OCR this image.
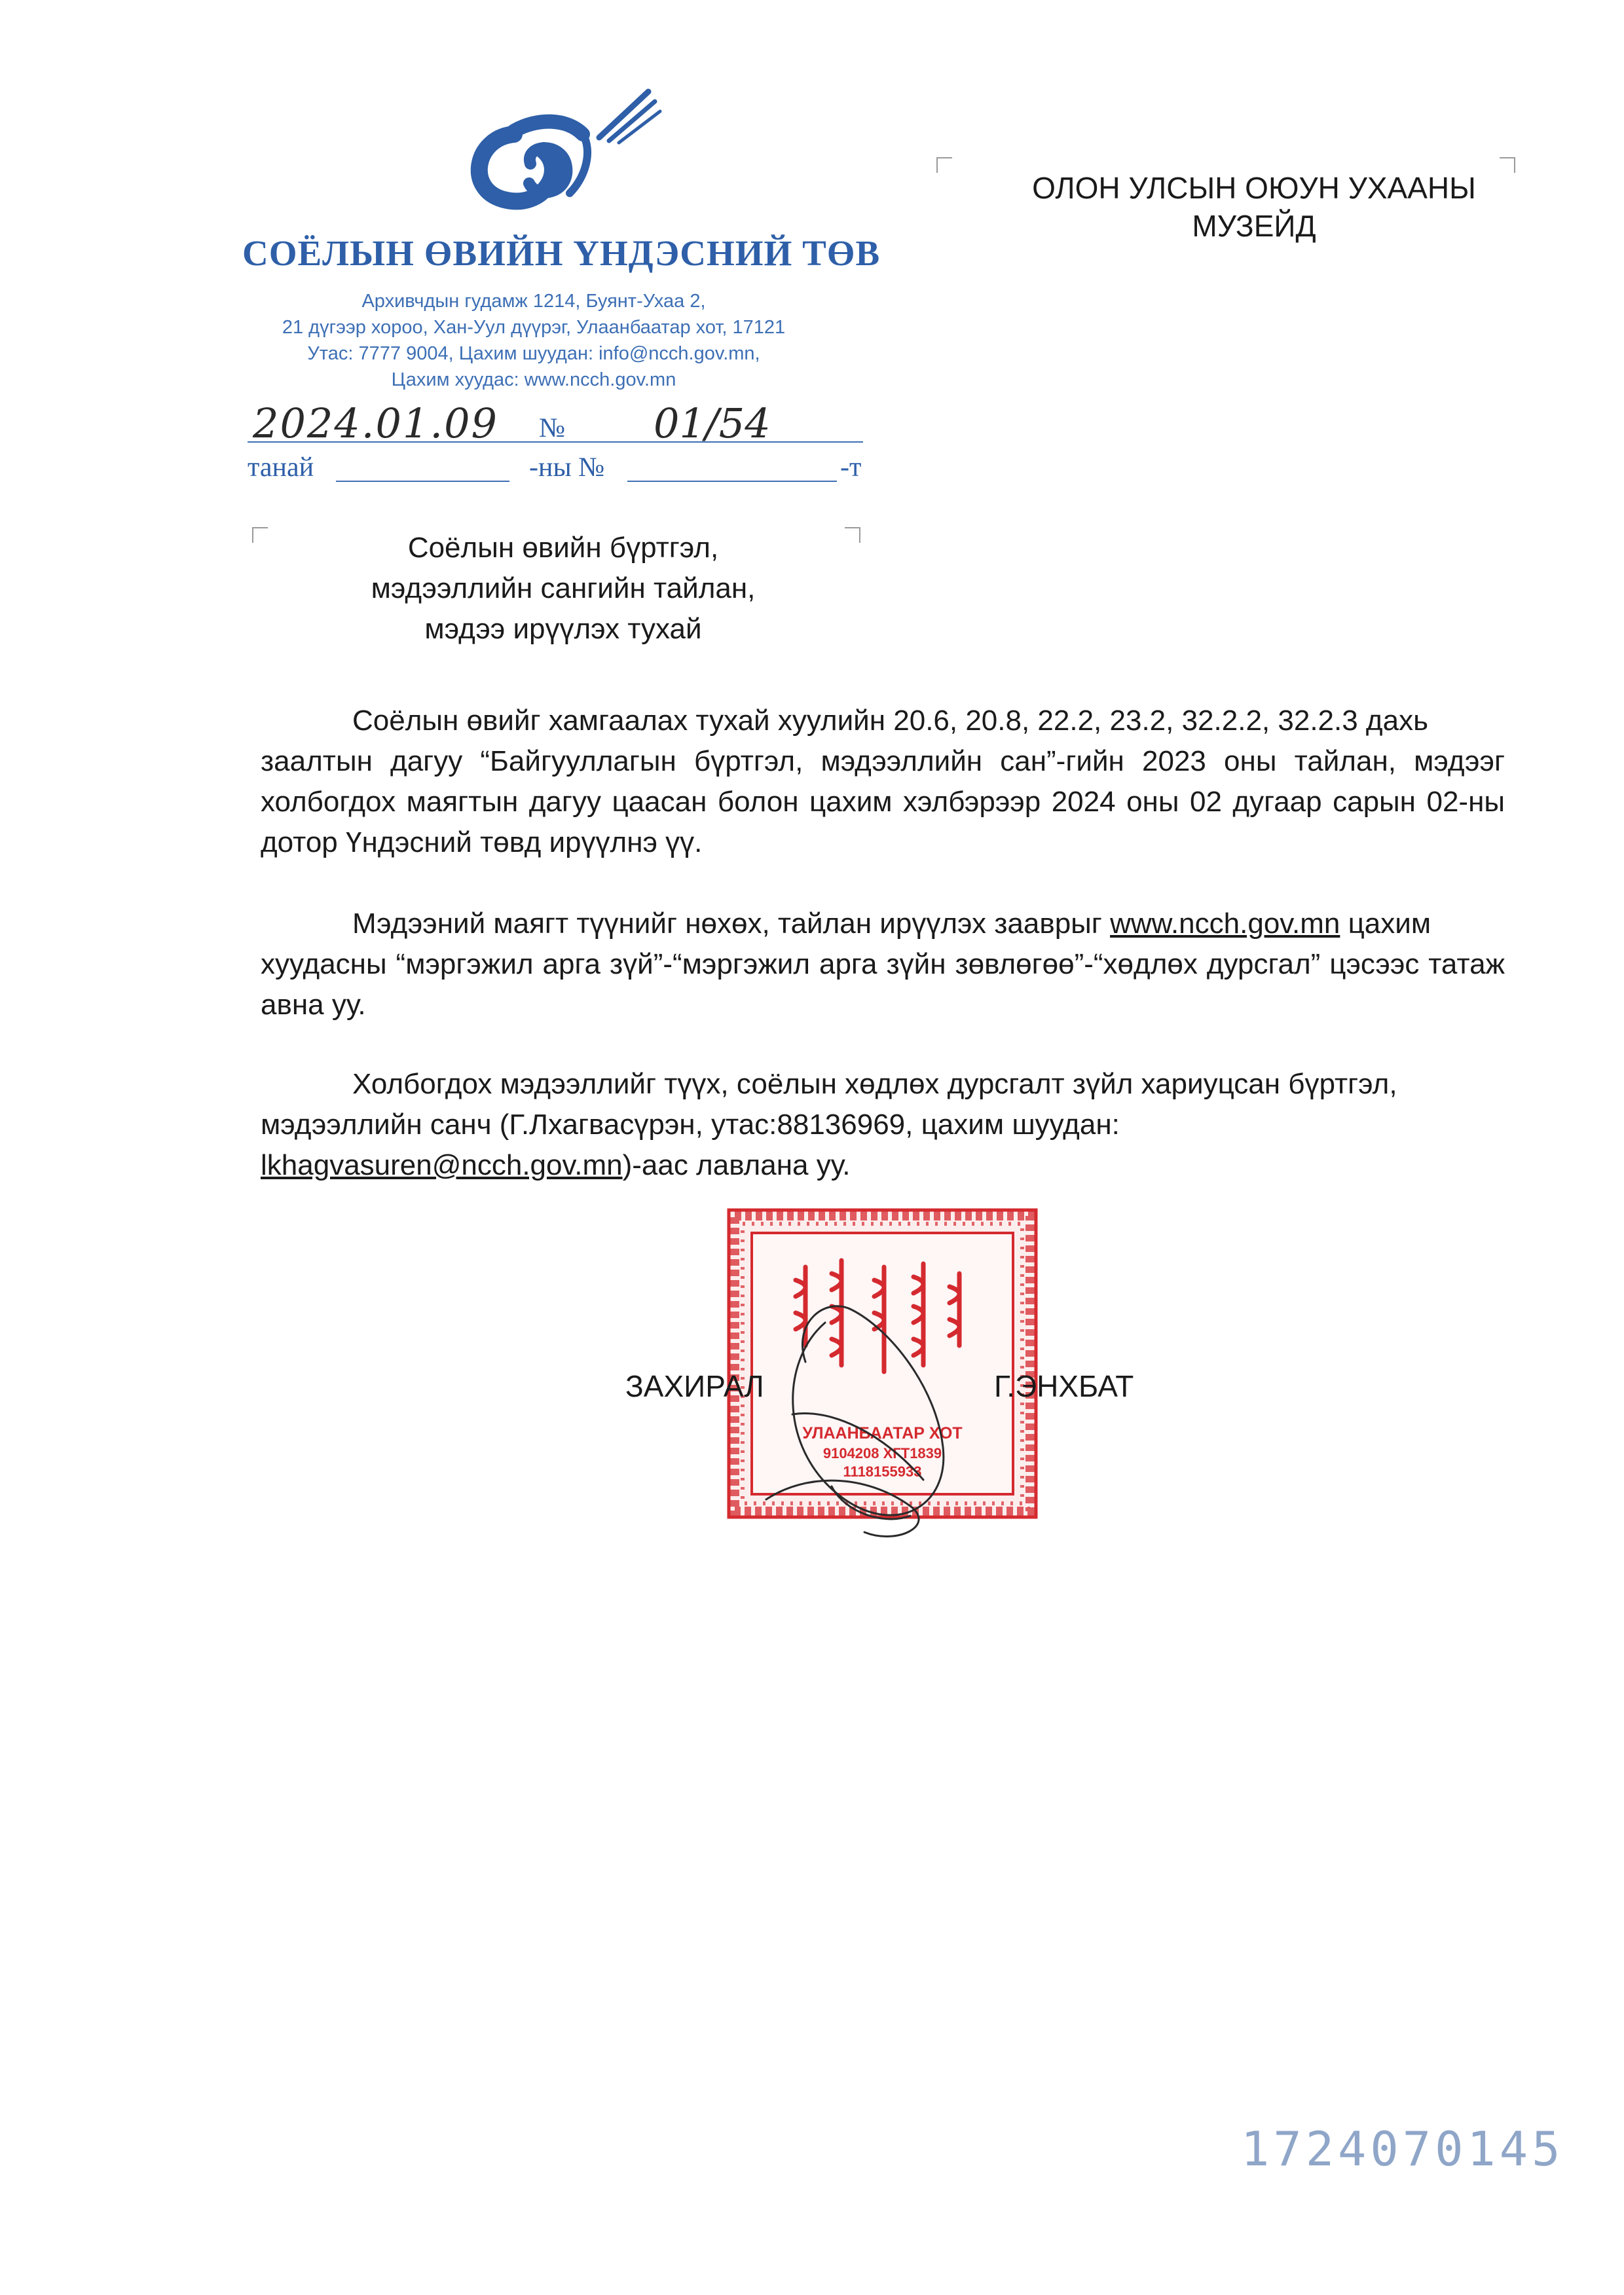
СОЁЛЫН ӨВИЙН ҮНДЭСНИЙ ТӨВ
Архивчдын гудамж 1214, Буянт-Ухаа 2,
21 дүгээр хороо, Хан-Уул дүүрэг, Улаанбаатар хот, 17121
Утас: 7777 9004, Цахим шуудан: info@ncch.gov.mn,
Цахим хуудас: www.ncch.gov.mn
2024.01.09 № 01/54
танай	-ны №	-т
ОЛОН УЛСЫН ОЮУН УХААНЫ
МУЗЕЙД
Соёлын өвийн бүртгэл,
мэдээллийн сангийн тайлан,
мэдээ ирүүлэх тухай
Соёлын өвийг хамгаалах тухай хуулийн 20.6, 20.8, 22.2, 23.2, 32.2.2, 32.2.3 дахь
заалтын дагуу “Байгууллагын бүртгэл, мэдээллийн сан”-гийн 2023 оны тайлан, мэдээг холбогдох маягтын дагуу цаасан болон цахим хэлбэрээр 2024 оны 02 дугаар сарын 02-ны дотор Үндэсний төвд ирүүлнэ үү.
Мэдээний маягт түүнийг нөхөх, тайлан ирүүлэх зааврыг www.ncch.gov.mn цахим
хуудасны “мэргэжил арга зүй”-“мэргэжил арга зүйн зөвлөгөө”-“хөдлөх дурсгал” цэсээс татаж авна уу.
Холбогдох мэдээллийг түүх, соёлын хөдлөх дурсгалт зүйл хариуцсан бүртгэл,
мэдээллийн санч (Г.Лхагвасүрэн, утас:88136969, цахим шуудан:
lkhagvasuren@ncch.gov.mn)-аас лавлана уу.
УЛААНБААТАР ХОТ
9104208 ХГТ1839
1118155933
ЗАХИРАЛ	Г.ЭНХБАТ
1724070145
